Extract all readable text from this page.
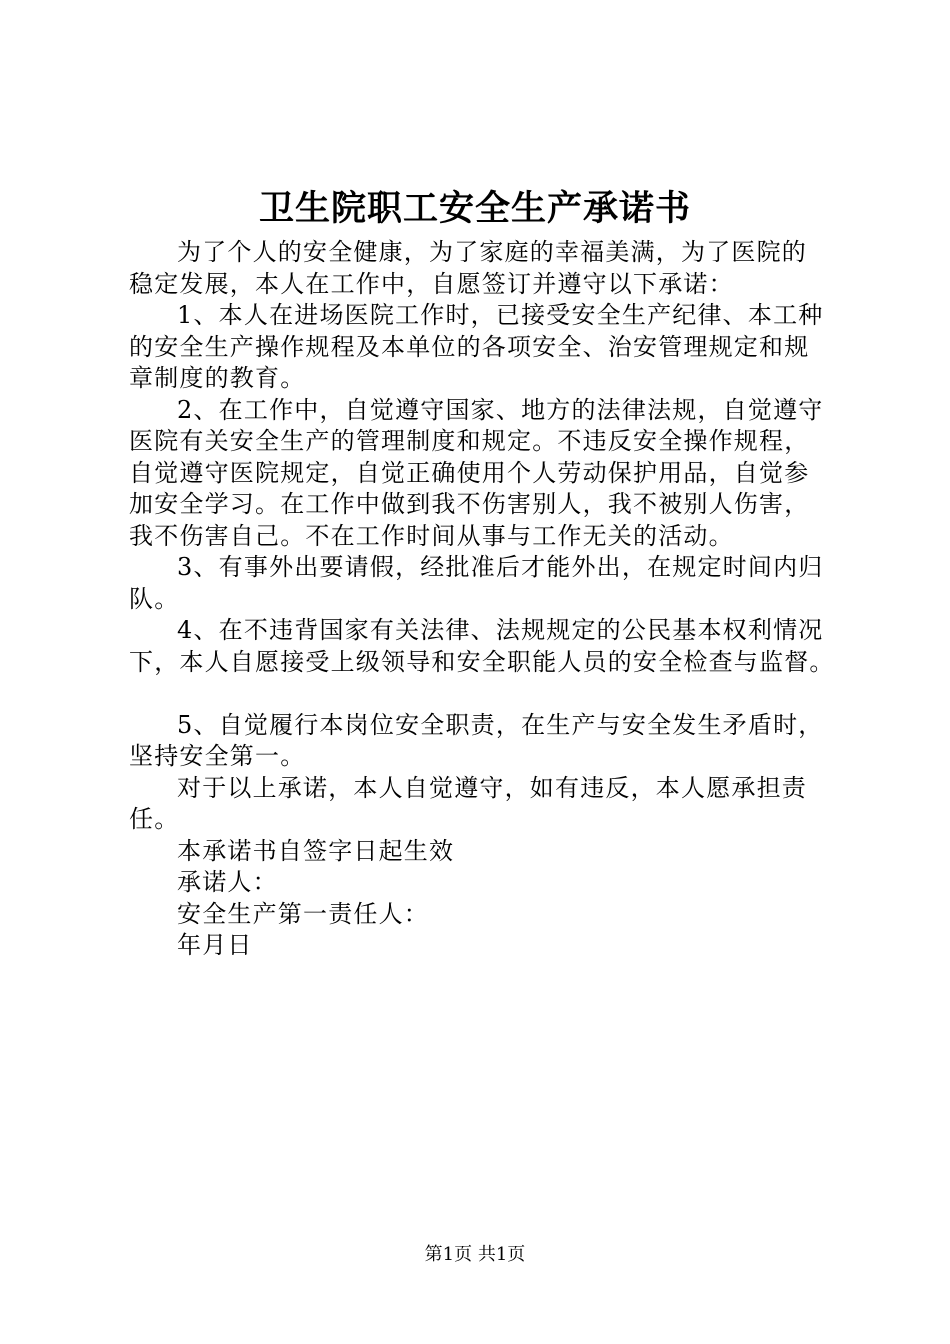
卫生院职工安全生产承诺书
为了个人的安全健康，为了家庭的幸福美满，为了医院的
稳定发展，本人在工作中，自愿签订并遵守以下承诺：
1、本人在进场医院工作时，已接受安全生产纪律、本工种
的安全生产操作规程及本单位的各项安全、治安管理规定和规
章制度的教育。
2、在工作中，自觉遵守国家、地方的法律法规，自觉遵守
医院有关安全生产的管理制度和规定。不违反安全操作规程，
自觉遵守医院规定，自觉正确使用个人劳动保护用品，自觉参
加安全学习。在工作中做到我不伤害别人，我不被别人伤害，
我不伤害自己。不在工作时间从事与工作无关的活动。
3、有事外出要请假，经批准后才能外出，在规定时间内归
队。
4、在不违背国家有关法律、法规规定的公民基本权利情况
下，本人自愿接受上级领导和安全职能人员的安全检查与监督。
5、自觉履行本岗位安全职责，在生产与安全发生矛盾时，
坚持安全第一。
对于以上承诺，本人自觉遵守，如有违反，本人愿承担责
任。
本承诺书自签字日起生效
承诺人：
安全生产第一责任人：
年月日
第1页 共1页
